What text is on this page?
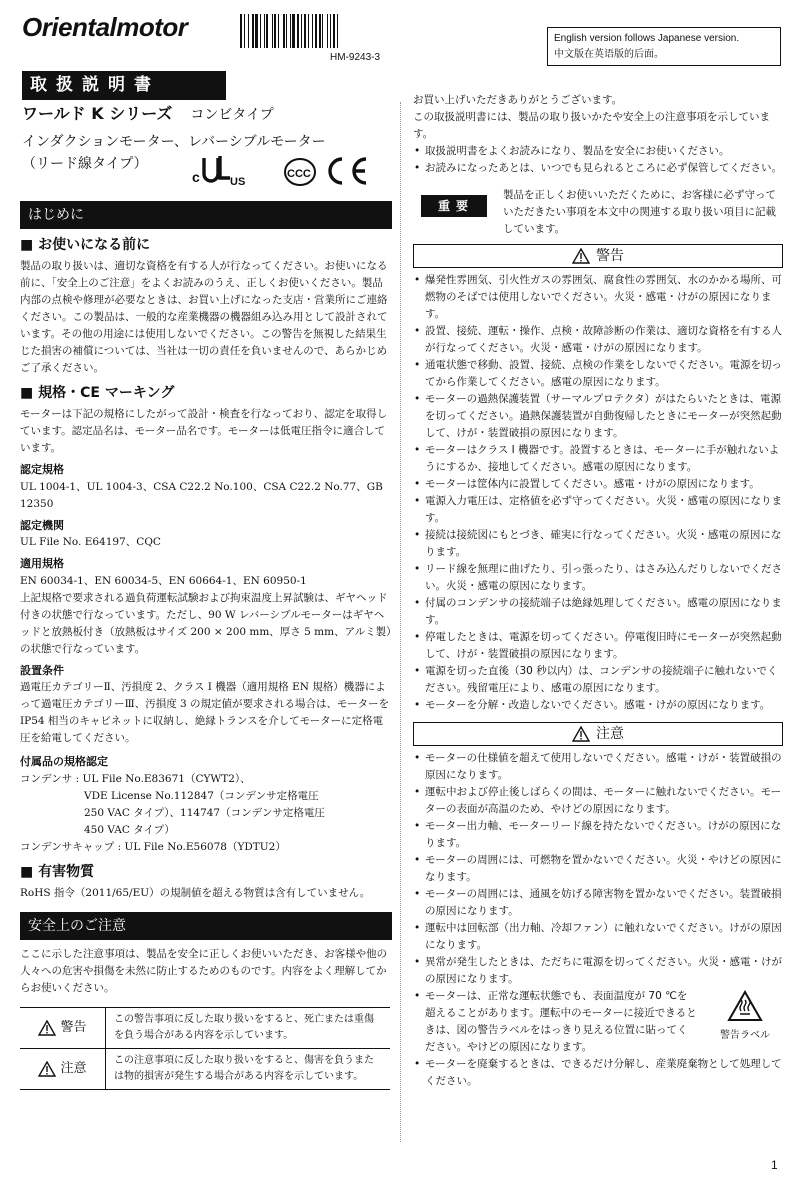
Orientalmotor
HM-9243-3
English version follows Japanese version.
中文版在英语版的后面。
取扱説明書
ワールド K シリーズ コンビタイプ
インダクションモーター、レバーシブルモーター
（リード線タイプ）
c	US
CCC
はじめに
■ お使いになる前に
製品の取り扱いは、適切な資格を有する人が行なってください。お使いになる前に、「安全上のご注意」をよくお読みのうえ、正しくお使いください。製品内部の点検や修理が必要なときは、お買い上げになった支店・営業所にご連絡ください。この製品は、一般的な産業機器の機器組み込み用として設計されています。その他の用途には使用しないでください。この警告を無視した結果生じた損害の補償については、当社は一切の責任を負いませんので、あらかじめご了承ください。
■ 規格・CE マーキング
モーターは下記の規格にしたがって設計・検査を行なっており、認定を取得しています。認定品名は、モーター品名です。モーターは低電圧指令に適合しています。
認定規格
UL 1004-1、UL 1004-3、CSA C22.2 No.100、CSA C22.2 No.77、GB 12350
認定機関
UL File No. E64197、CQC
適用規格
EN 60034-1、EN 60034-5、EN 60664-1、EN 60950-1
上記規格で要求される過負荷運転試験および拘束温度上昇試験は、ギヤヘッド付きの状態で行なっています。ただし、90 W レバーシブルモーターはギヤヘッドと放熱板付き（放熱板はサイズ 200 × 200 mm、厚さ 5 mm、アルミ製）の状態で行なっています。
設置条件
過電圧カテゴリーⅡ、汚損度 2、クラス I 機器（適用規格 EN 規格）機器によって過電圧カテゴリーⅢ、汚損度 3 の規定値が要求される場合は、モーターを IP54 相当のキャビネットに収納し、絶縁トランスを介してモーターに定格電圧を給電してください。
付属品の規格認定
コンデンサ : UL File No.E83671（CYWT2）、
VDE License No.112847（コンデンサ定格電圧
250 VAC タイプ）、114747（コンデンサ定格電圧
450 VAC タイプ）
コンデンサキャップ : UL File No.E56078（YDTU2）
■ 有害物質
RoHS 指令（2011/65/EU）の規制値を超える物質は含有していません。
安全上のご注意
ここに示した注意事項は、製品を安全に正しくお使いいただき、お客様や他の人々への危害や損傷を未然に防止するためのものです。内容をよく理解してからお使いください。
警告
この警告事項に反した取り扱いをすると、死亡または重傷を負う場合がある内容を示しています。
注意
この注意事項に反した取り扱いをすると、傷害を負うまたは物的損害が発生する場合がある内容を示しています。
お買い上げいただきありがとうございます。
この取扱説明書には、製品の取り扱いかたや安全上の注意事項を示しています。
• 取扱説明書をよくお読みになり、製品を安全にお使いください。
• お読みになったあとは、いつでも見られるところに必ず保管してください。
重要
製品を正しくお使いいただくために、お客様に必ず守っていただきたい事項を本文中の関連する取り扱い項目に記載しています。
警告
• 爆発性雰囲気、引火性ガスの雰囲気、腐食性の雰囲気、水のかかる場所、可燃物のそばでは使用しないでください。火災・感電・けがの原因になります。
• 設置、接続、運転・操作、点検・故障診断の作業は、適切な資格を有する人が行なってください。火災・感電・けがの原因になります。
• 通電状態で移動、設置、接続、点検の作業をしないでください。電源を切ってから作業してください。感電の原因になります。
• モーターの過熱保護装置（サーマルプロテクタ）がはたらいたときは、電源を切ってください。過熱保護装置が自動復帰したときにモーターが突然起動して、けが・装置破損の原因になります。
• モーターはクラス Ⅰ 機器です。設置するときは、モーターに手が触れないようにするか、接地してください。感電の原因になります。
• モーターは筐体内に設置してください。感電・けがの原因になります。
• 電源入力電圧は、定格値を必ず守ってください。火災・感電の原因になります。
• 接続は接続図にもとづき、確実に行なってください。火災・感電の原因になります。
• リード線を無理に曲げたり、引っ張ったり、はさみ込んだりしないでください。火災・感電の原因になります。
• 付属のコンデンサの接続端子は絶縁処理してください。感電の原因になります。
• 停電したときは、電源を切ってください。停電復旧時にモーターが突然起動して、けが・装置破損の原因になります。
• 電源を切った直後（30 秒以内）は、コンデンサの接続端子に触れないでください。残留電圧により、感電の原因になります。
• モーターを分解・改造しないでください。感電・けがの原因になります。
注意
• モーターの仕様値を超えて使用しないでください。感電・けが・装置破損の原因になります。
• 運転中および停止後しばらくの間は、モーターに触れないでください。モーターの表面が高温のため、やけどの原因になります。
• モーター出力軸、モーターリード線を持たないでください。けがの原因になります。
• モーターの周囲には、可燃物を置かないでください。火災・やけどの原因になります。
• モーターの周囲には、通風を妨げる障害物を置かないでください。装置破損の原因になります。
• 運転中は回転部（出力軸、冷却ファン）に触れないでください。けがの原因になります。
• 異常が発生したときは、ただちに電源を切ってください。火災・感電・けがの原因になります。
• モーターは、正常な運転状態でも、表面温度が 70 ℃を超えることがあります。運転中のモーターに接近できるときは、図の警告ラベルをはっきり見える位置に貼ってください。やけどの原因になります。
警告ラベル
• モーターを廃棄するときは、できるだけ分解し、産業廃棄物として処理してください。
1
